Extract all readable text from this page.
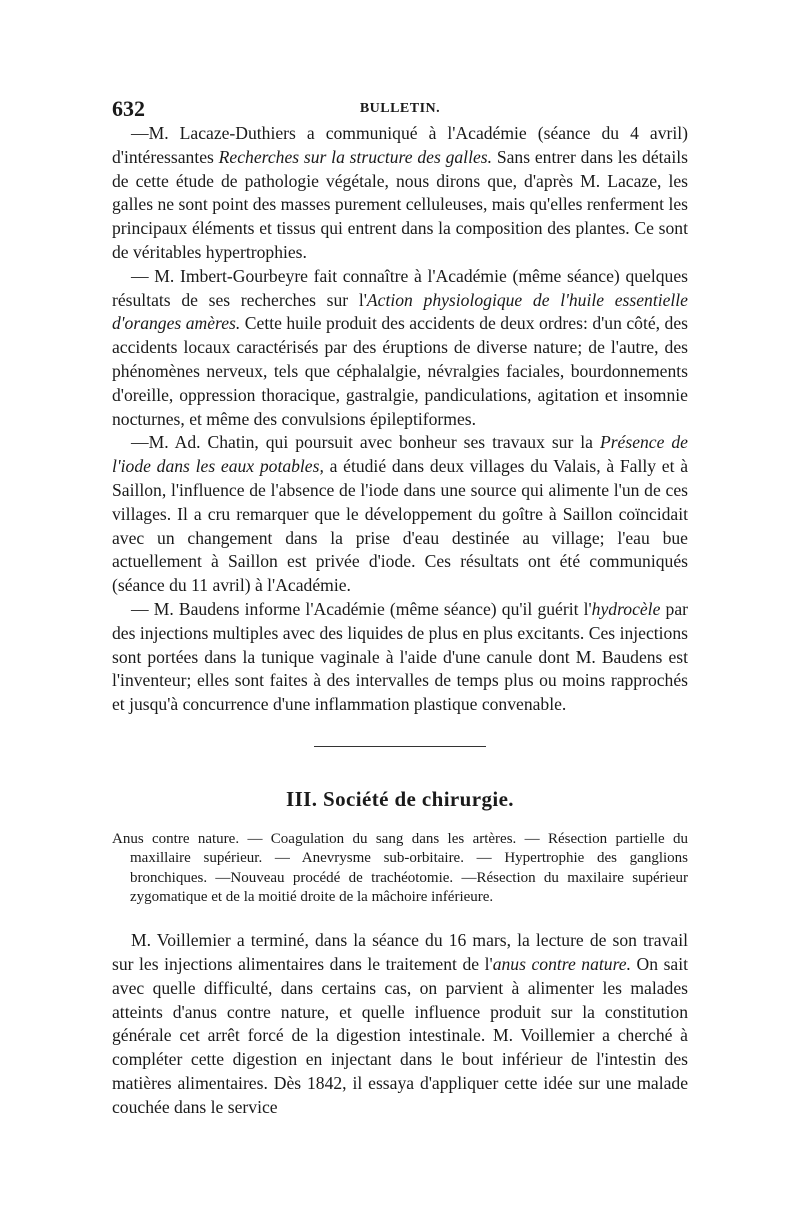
632	BULLETIN.

—M. Lacaze-Duthiers a communiqué à l'Académie (séance du 4 avril) d'intéressantes Recherches sur la structure des galles. Sans entrer dans les détails de cette étude de pathologie végétale, nous dirons que, d'après M. Lacaze, les galles ne sont point des masses purement celluleuses, mais qu'elles renferment les principaux éléments et tissus qui entrent dans la composition des plantes. Ce sont de véritables hypertrophies.

— M. Imbert-Gourbeyre fait connaître à l'Académie (même séance) quelques résultats de ses recherches sur l'Action physiologique de l'huile essentielle d'oranges amères. Cette huile produit des accidents de deux ordres: d'un côté, des accidents locaux caractérisés par des éruptions de diverse nature; de l'autre, des phénomènes nerveux, tels que céphalalgie, névralgies faciales, bourdonnements d'oreille, oppression thoracique, gastralgie, pandiculations, agitation et insomnie nocturnes, et même des convulsions épileptiformes.

—M. Ad. Chatin, qui poursuit avec bonheur ses travaux sur la Présence de l'iode dans les eaux potables, a étudié dans deux villages du Valais, à Fally et à Saillon, l'influence de l'absence de l'iode dans une source qui alimente l'un de ces villages. Il a cru remarquer que le développement du goître à Saillon coïncidait avec un changement dans la prise d'eau destinée au village; l'eau bue actuellement à Saillon est privée d'iode. Ces résultats ont été communiqués (séance du 11 avril) à l'Académie.

— M. Baudens informe l'Académie (même séance) qu'il guérit l'hydrocèle par des injections multiples avec des liquides de plus en plus excitants. Ces injections sont portées dans la tunique vaginale à l'aide d'une canule dont M. Baudens est l'inventeur; elles sont faites à des intervalles de temps plus ou moins rapprochés et jusqu'à concurrence d'une inflammation plastique convenable.

III. Société de chirurgie.

Anus contre nature. — Coagulation du sang dans les artères. — Résection partielle du maxillaire supérieur. — Anevrysme sub-orbitaire. — Hypertrophie des ganglions bronchiques. —Nouveau procédé de trachéotomie. —Résection du maxilaire supérieur zygomatique et de la moitié droite de la mâchoire inférieure.

M. Voillemier a terminé, dans la séance du 16 mars, la lecture de son travail sur les injections alimentaires dans le traitement de l'anus contre nature. On sait avec quelle difficulté, dans certains cas, on parvient à alimenter les malades atteints d'anus contre nature, et quelle influence produit sur la constitution générale cet arrêt forcé de la digestion intestinale. M. Voillemier a cherché à compléter cette digestion en injectant dans le bout inférieur de l'intestin des matières alimentaires. Dès 1842, il essaya d'appliquer cette idée sur une malade couchée dans le service
